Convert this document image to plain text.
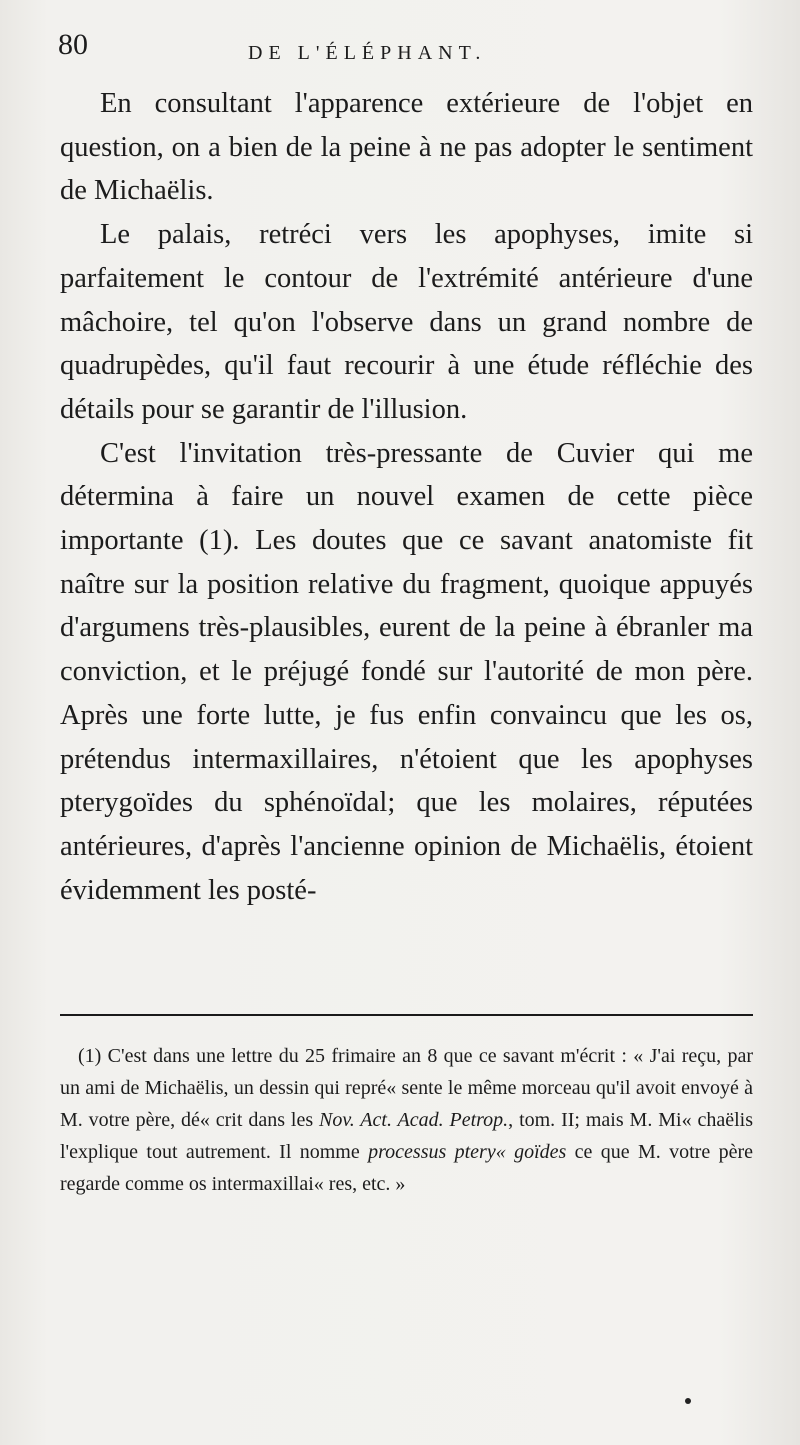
80	DE L'ÉLÉPHANT.

En consultant l'apparence extérieure de l'objet en question, on a bien de la peine à ne pas adopter le sentiment de Michaëlis.

Le palais, retréci vers les apophyses, imite si parfaitement le contour de l'extrémité antérieure d'une mâchoire, tel qu'on l'observe dans un grand nombre de quadrupèdes, qu'il faut recourir à une étude réfléchie des détails pour se garantir de l'illusion.

C'est l'invitation très-pressante de Cuvier qui me détermina à faire un nouvel examen de cette pièce importante (1). Les doutes que ce savant anatomiste fit naître sur la position relative du fragment, quoique appuyés d'argumens très-plausibles, eurent de la peine à ébranler ma conviction, et le préjugé fondé sur l'autorité de mon père. Après une forte lutte, je fus enfin convaincu que les os, prétendus intermaxillaires, n'étoient que les apophyses pterygoïdes du sphénoïdal; que les molaires, réputées antérieures, d'après l'ancienne opinion de Michaëlis, étoient évidemment les posté-

(1) C'est dans une lettre du 25 frimaire an 8 que ce savant m'écrit : « J'ai reçu, par un ami de Michaëlis, un dessin qui repré« sente le même morceau qu'il avoit envoyé à M. votre père, dé« crit dans les Nov. Act. Acad. Petrop., tom. II; mais M. Mi« chaëlis l'explique tout autrement. Il nomme processus ptery« goïdes ce que M. votre père regarde comme os intermaxillai« res, etc. »
